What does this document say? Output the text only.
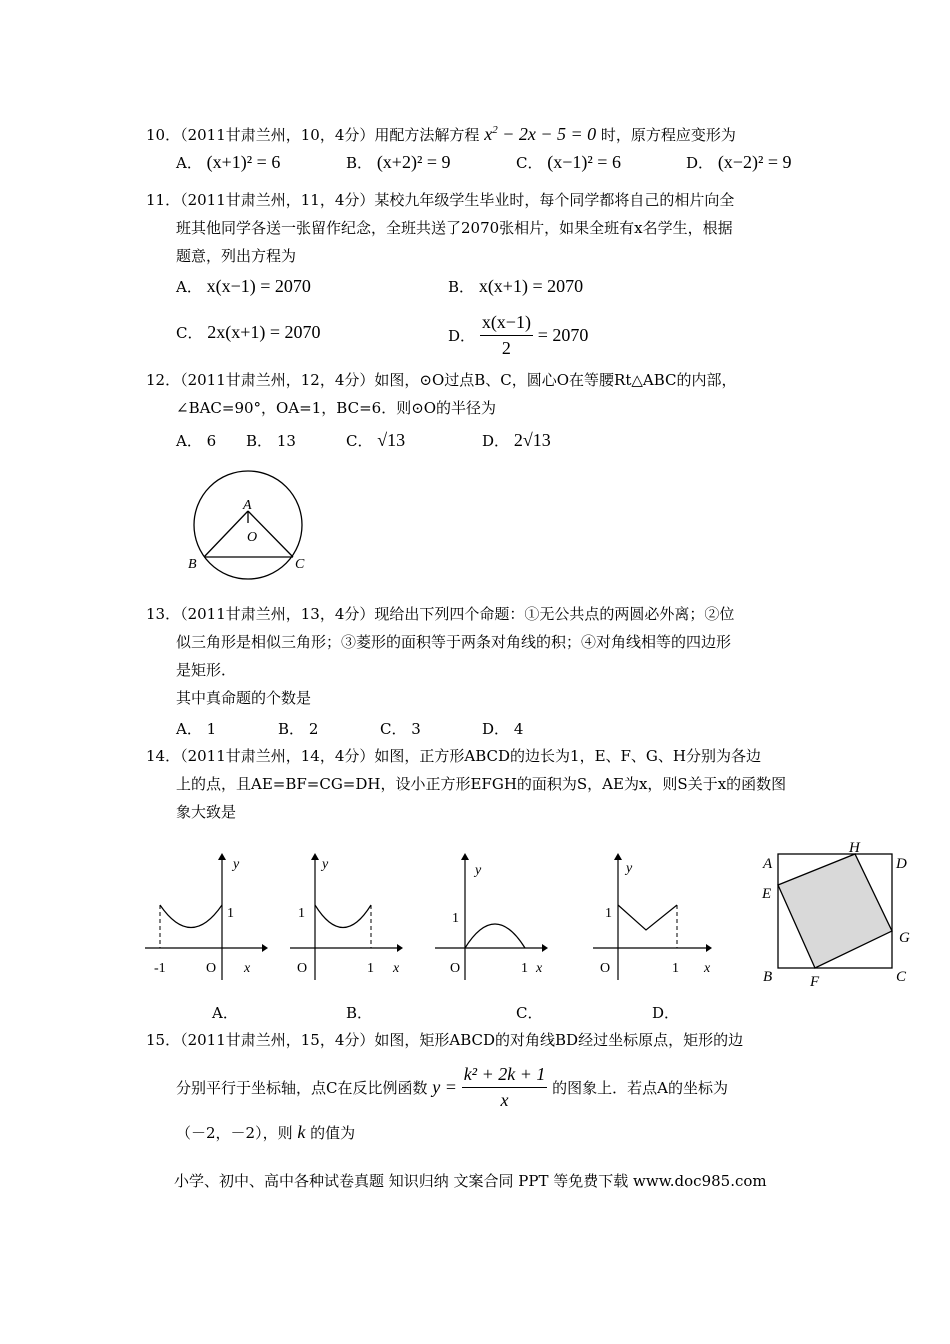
10．（2011甘肃兰州，10，4分）用配方法解方程 $x^2 - 2x - 5 = 0$ 时，原方程应变形为
A． (x+1)² = 6	B． (x+2)² = 9	C． (x−1)² = 6	D． (x−2)² = 9
11．（2011甘肃兰州，11，4分）某校九年级学生毕业时，每个同学都将自己的相片向全
班其他同学各送一张留作纪念，全班共送了2070张相片，如果全班有x名学生，根据
题意，列出方程为
A． x(x−1) = 2070	B． x(x+1) = 2070
C． 2x(x+1) = 2070	D． $\frac{x(x-1)}{2} = 2070$
12．（2011甘肃兰州，12，4分）如图，⊙O过点B、C，圆心O在等腰Rt△ABC的内部，
∠BAC=90°，OA=1，BC=6．则⊙O的半径为
A． 6 B． 13	C． √13	D． 2√13
A
O
B	C
13．（2011甘肃兰州，13，4分）现给出下列四个命题：①无公共点的两圆必外离；②位
似三角形是相似三角形；③菱形的面积等于两条对角线的积；④对角线相等的四边形
是矩形．
其中真命题的个数是
A． 1	B． 2	C． 3	D． 4
14．（2011甘肃兰州，14，4分）如图，正方形ABCD的边长为1，E、F、G、H分别为各边
上的点，且AE=BF=CG=DH，设小正方形EFGH的面积为S，AE为x，则S关于x的函数图
象大致是
y
x
1
-1	O
A．
y
x
1
1
O
B．
y
x
1
1
O
C．
y
x
1
1
O
D．
A	D
B	C
E
H
G
F
15．（2011甘肃兰州，15，4分）如图，矩形ABCD的对角线BD经过坐标原点，矩形的边
分别平行于坐标轴，点C在反比例函数 $y = \frac{\text{k² + 2k + 1}}{x}$ 的图象上．若点A的坐标为
（－2，－2），则 k 的值为
小学、初中、高中各种试卷真题 知识归纳 文案合同 PPT 等免费下载 www.doc985.com
